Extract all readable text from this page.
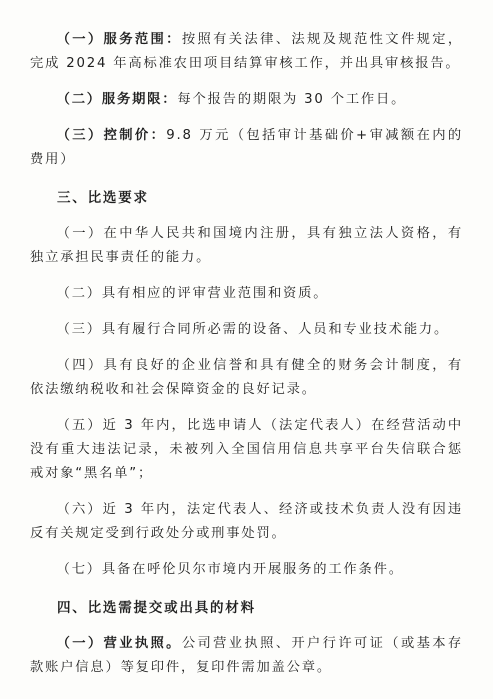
（一）服务范围：按照有关法律、法规及规范性文件规定，完成 2024 年高标准农田项目结算审核工作，并出具审核报告。

（二）服务期限：每个报告的期限为 30 个工作日。

（三）控制价：9.8 万元（包括审计基础价+审减额在内的费用）

三、比选要求

（一）在中华人民共和国境内注册，具有独立法人资格，有独立承担民事责任的能力。

（二）具有相应的评审营业范围和资质。

（三）具有履行合同所必需的设备、人员和专业技术能力。

（四）具有良好的企业信誉和具有健全的财务会计制度，有依法缴纳税收和社会保障资金的良好记录。

（五）近 3 年内，比选申请人（法定代表人）在经营活动中没有重大违法记录，未被列入全国信用信息共享平台失信联合惩戒对象“黑名单”；

（六）近 3 年内，法定代表人、经济或技术负责人没有因违反有关规定受到行政处分或刑事处罚。

（七）具备在呼伦贝尔市境内开展服务的工作条件。

四、比选需提交或出具的材料

（一）营业执照。公司营业执照、开户行许可证（或基本存款账户信息）等复印件，复印件需加盖公章。
